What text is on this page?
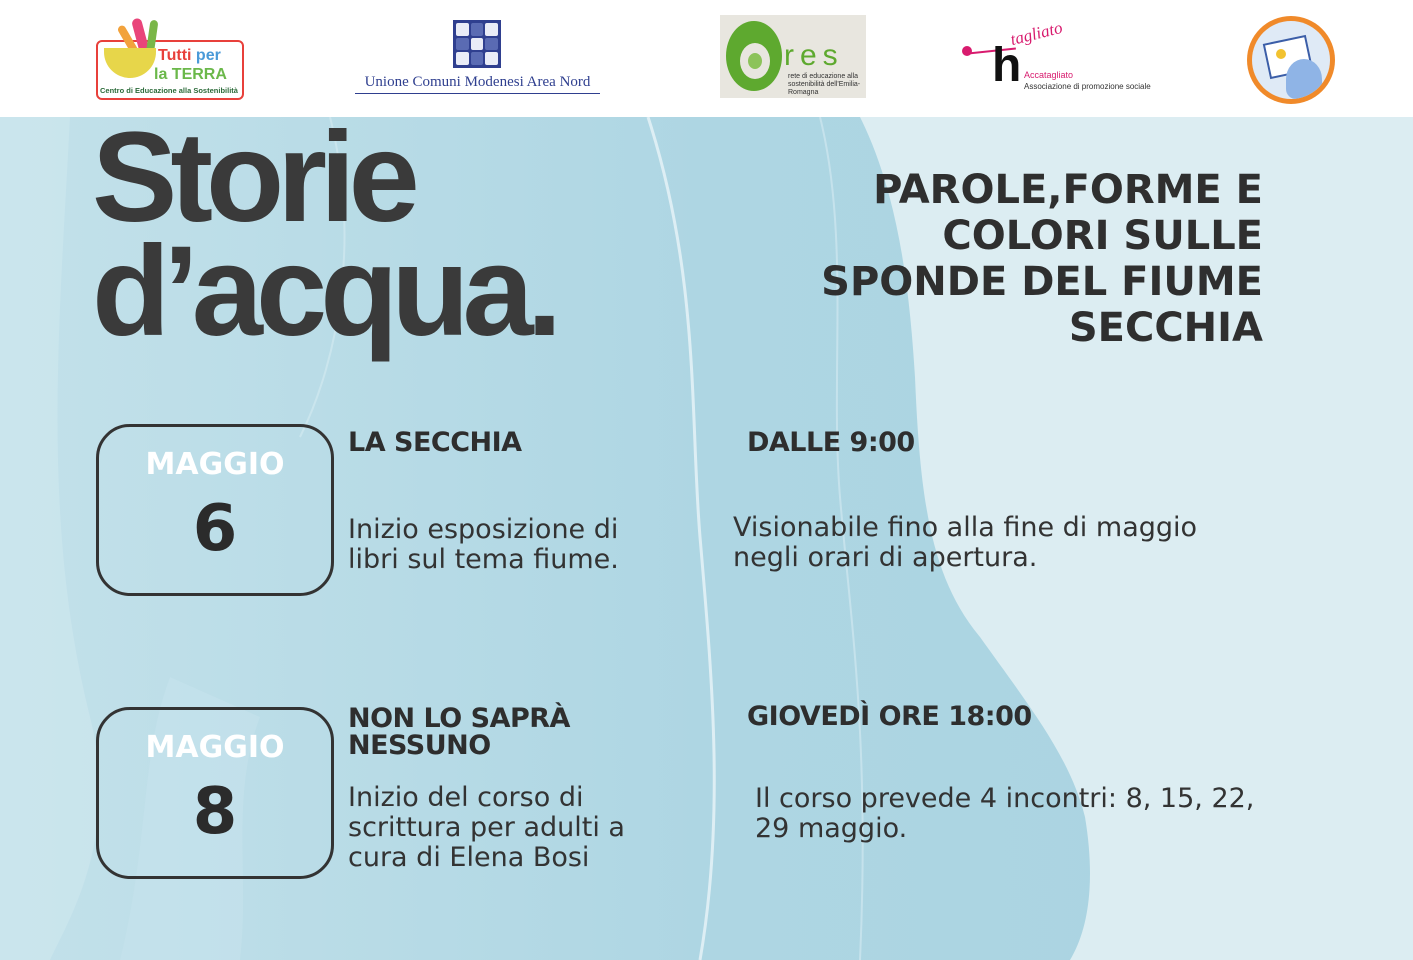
Tutti per
la TERRA
Centro di Educazione alla Sostenibilità
Unione Comuni Modenesi Area Nord
res
rete di educazione alla sostenibilità dell'Emilia-Romagna
h
tagliato
Accatagliato
Associazione di promozione sociale
Storie
d’acqua.
PAROLE,FORME E COLORI SULLE SPONDE DEL FIUME SECCHIA
MAGGIO
6
LA SECCHIA
Inizio esposizione di libri sul tema fiume.
DALLE 9:00
Visionabile fino alla fine di maggio negli orari di apertura.
MAGGIO
8
NON LO SAPRÀ NESSUNO
Inizio del corso di scrittura per adulti a cura di Elena Bosi
GIOVEDÌ ORE 18:00
Il corso prevede 4 incontri: 8, 15, 22, 29 maggio.
